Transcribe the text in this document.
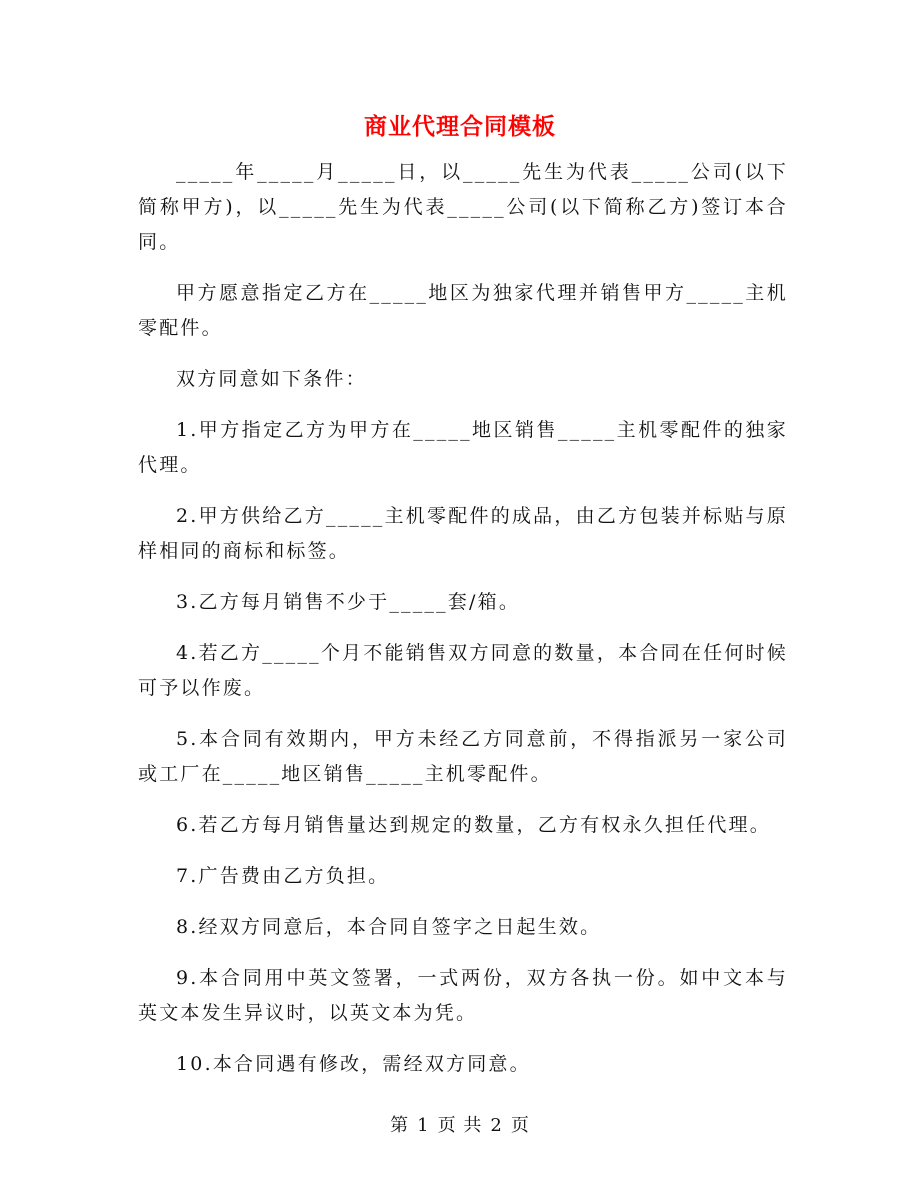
商业代理合同模板

_____年_____月_____日，以_____先生为代表_____公司(以下简称甲方)，以_____先生为代表_____公司(以下简称乙方)签订本合同。

甲方愿意指定乙方在_____地区为独家代理并销售甲方_____主机零配件。

双方同意如下条件：

1.甲方指定乙方为甲方在_____地区销售_____主机零配件的独家代理。

2.甲方供给乙方_____主机零配件的成品，由乙方包装并标贴与原样相同的商标和标签。

3.乙方每月销售不少于_____套/箱。

4.若乙方_____个月不能销售双方同意的数量，本合同在任何时候可予以作废。

5.本合同有效期内，甲方未经乙方同意前，不得指派另一家公司或工厂在_____地区销售_____主机零配件。

6.若乙方每月销售量达到规定的数量，乙方有权永久担任代理。

7.广告费由乙方负担。

8.经双方同意后，本合同自签字之日起生效。

9.本合同用中英文签署，一式两份，双方各执一份。如中文本与英文本发生异议时，以英文本为凭。

10.本合同遇有修改，需经双方同意。

第 1 页 共 2 页
